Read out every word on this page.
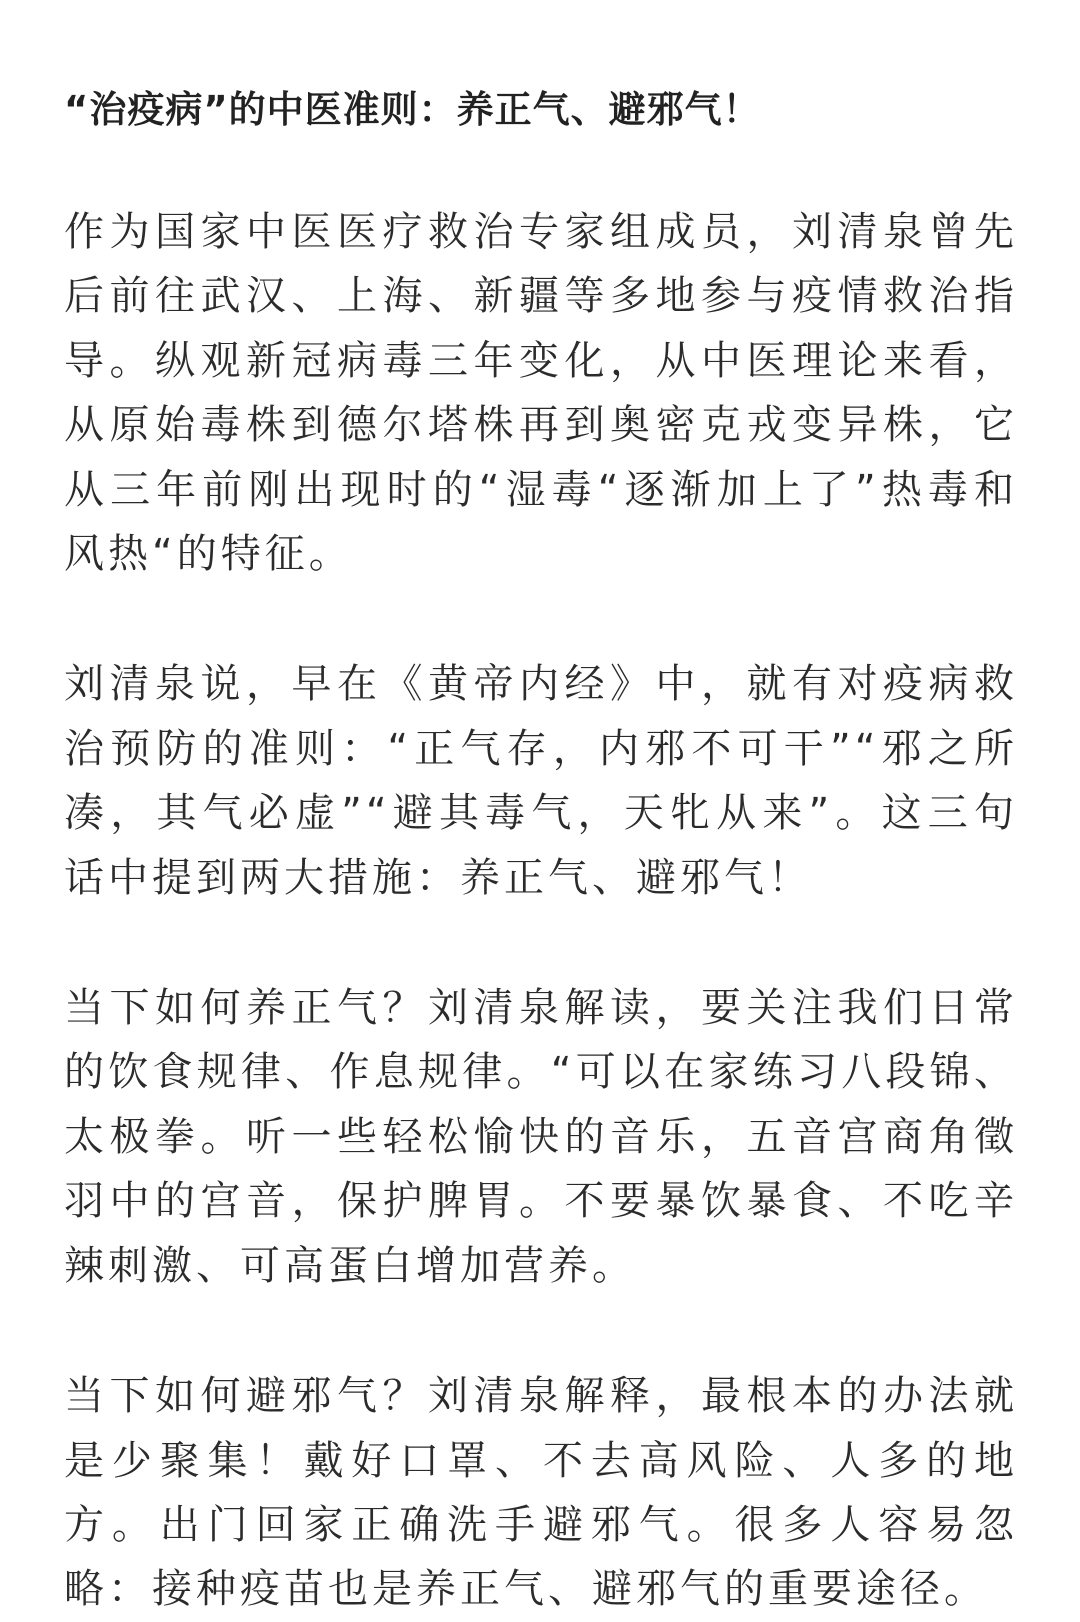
“治疫病”的中医准则：养正气、避邪气！

作为国家中医医疗救治专家组成员，刘清泉曾先后前往武汉、上海、新疆等多地参与疫情救治指导。纵观新冠病毒三年变化，从中医理论来看，从原始毒株到德尔塔株再到奥密克戎变异株，它从三年前刚出现时的“湿毒“逐渐加上了”热毒和风热“的特征。

刘清泉说，早在《黄帝内经》中，就有对疫病救治预防的准则：“正气存，内邪不可干”“邪之所凑，其气必虚”“避其毒气，天牝从来”。这三句话中提到两大措施：养正气、避邪气！

当下如何养正气？刘清泉解读，要关注我们日常的饮食规律、作息规律。“可以在家练习八段锦、太极拳。听一些轻松愉快的音乐，五音宫商角徵羽中的宫音，保护脾胃。不要暴饮暴食、不吃辛辣刺激、可高蛋白增加营养。

当下如何避邪气？刘清泉解释，最根本的办法就是少聚集！戴好口罩、不去高风险、人多的地方。出门回家正确洗手避邪气。很多人容易忽略：接种疫苗也是养正气、避邪气的重要途径。
